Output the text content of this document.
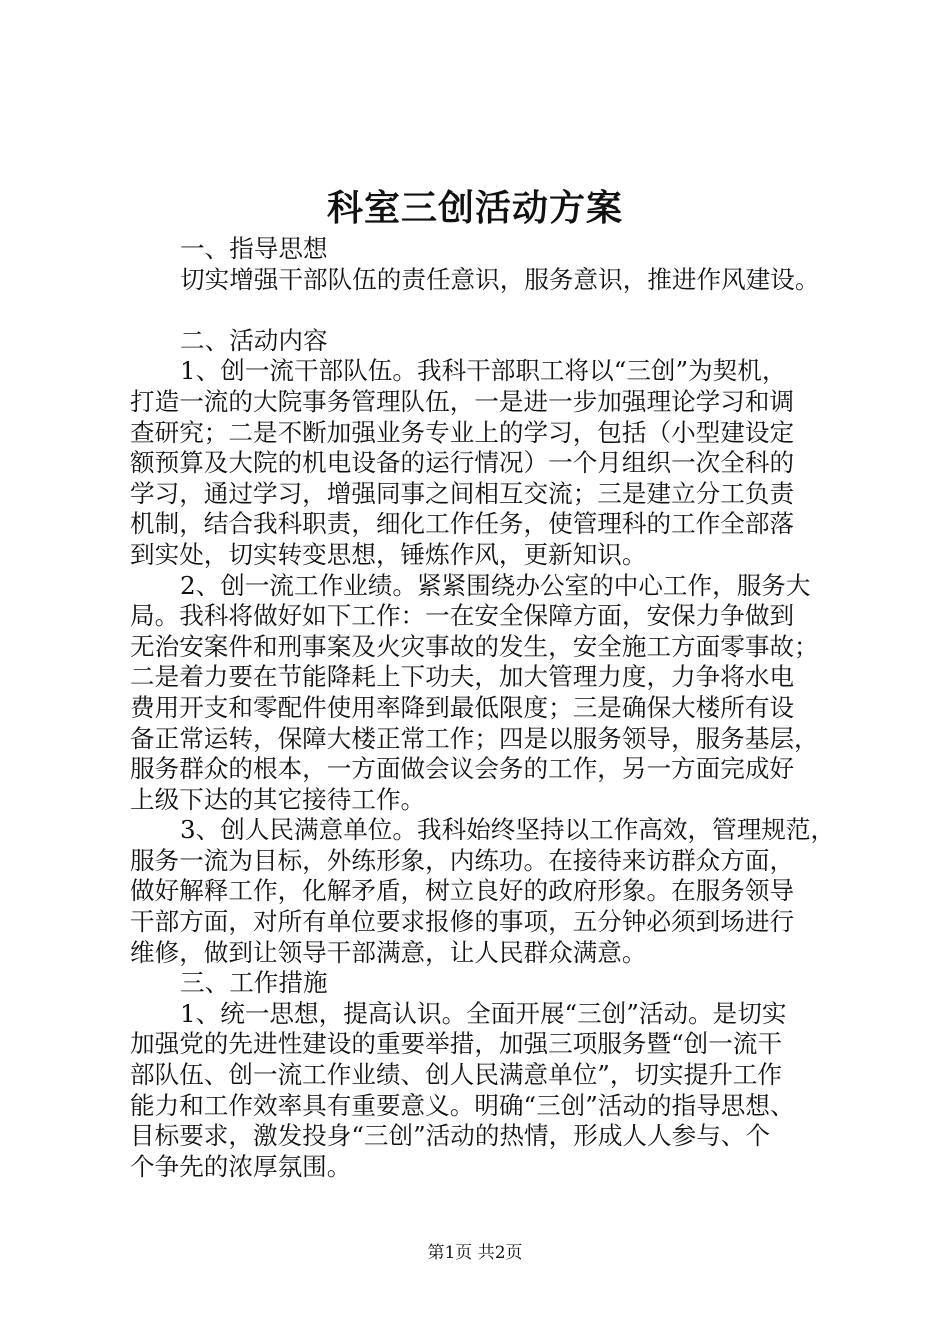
科室三创活动方案
一、指导思想
切实增强干部队伍的责任意识，服务意识，推进作风建设。
二、活动内容
1、创一流干部队伍。我科干部职工将以“三创”为契机，
打造一流的大院事务管理队伍，一是进一步加强理论学习和调
查研究；二是不断加强业务专业上的学习，包括（小型建设定
额预算及大院的机电设备的运行情况）一个月组织一次全科的
学习，通过学习，增强同事之间相互交流；三是建立分工负责
机制，结合我科职责，细化工作任务，使管理科的工作全部落
到实处，切实转变思想，锤炼作风，更新知识。
2、创一流工作业绩。紧紧围绕办公室的中心工作，服务大
局。我科将做好如下工作：一在安全保障方面，安保力争做到
无治安案件和刑事案及火灾事故的发生，安全施工方面零事故；
二是着力要在节能降耗上下功夫，加大管理力度，力争将水电
费用开支和零配件使用率降到最低限度；三是确保大楼所有设
备正常运转，保障大楼正常工作；四是以服务领导，服务基层，
服务群众的根本，一方面做会议会务的工作，另一方面完成好
上级下达的其它接待工作。
3、创人民满意单位。我科始终坚持以工作高效，管理规范，
服务一流为目标，外练形象，内练功。在接待来访群众方面，
做好解释工作，化解矛盾，树立良好的政府形象。在服务领导
干部方面，对所有单位要求报修的事项，五分钟必须到场进行
维修，做到让领导干部满意，让人民群众满意。
三、工作措施
1、统一思想，提高认识。全面开展“三创”活动。是切实
加强党的先进性建设的重要举措，加强三项服务暨“创一流干
部队伍、创一流工作业绩、创人民满意单位”，切实提升工作
能力和工作效率具有重要意义。明确“三创”活动的指导思想、
目标要求，激发投身“三创”活动的热情，形成人人参与、个
个争先的浓厚氛围。
第1页 共2页
